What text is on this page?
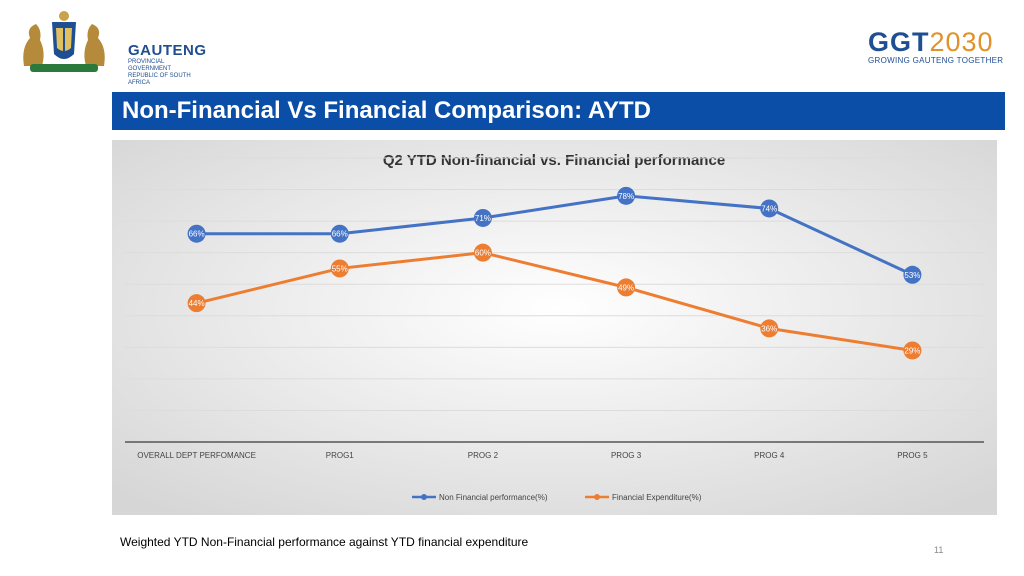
GAUTENG
PROVINCIAL GOVERNMENT
REPUBLIC OF SOUTH AFRICA
GGT2030
GROWING GAUTENG TOGETHER
Non-Financial Vs Financial Comparison: AYTD
Q2 YTD Non-financial vs. Financial performance
66%	66%
71%
78%
74%
53%
44%
55%
60%
49%
36%
29%
OVERALL DEPT PERFOMANCE	PROG1	PROG 2	PROG 3	PROG 4	PROG 5
Non Financial performance(%)	Financial Expenditure(%)
Weighted YTD Non-Financial performance against YTD financial expenditure
11
